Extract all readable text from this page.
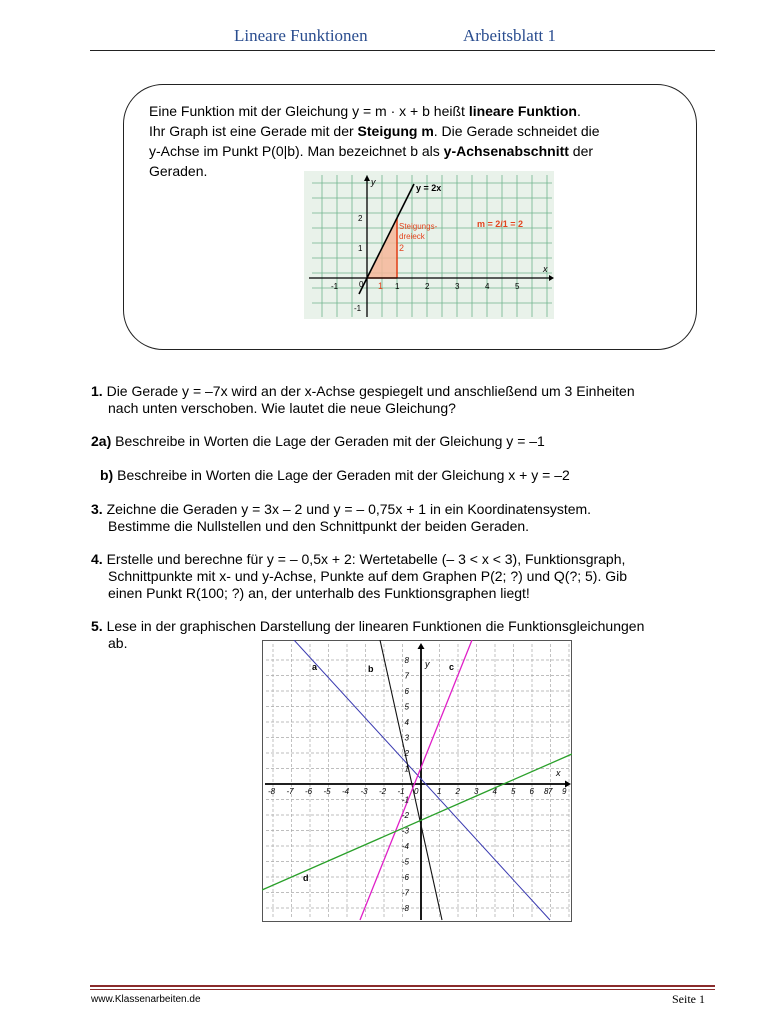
Lineare Funktionen	Arbeitsblatt 1
Eine Funktion mit der Gleichung y = m · x + b heißt lineare Funktion.
Ihr Graph ist eine Gerade mit der Steigung m. Die Gerade schneidet die
y-Achse im Punkt P(0|b). Man bezeichnet b als y-Achsenabschnitt der
Geraden.
y = 2x
Steigungs-
dreieck
2
1
m = 2/1 = 2
x
y
0
-1	1	2	3	4	5
1
2
-1
1. Die Gerade y = –7x wird an der x-Achse gespiegelt und anschließend um 3 Einheiten
nach unten verschoben. Wie lautet die neue Gleichung?
2a) Beschreibe in Worten die Lage der Geraden mit der Gleichung y = –1
b) Beschreibe in Worten die Lage der Geraden mit der Gleichung x + y = –2
3. Zeichne die Geraden y = 3x – 2 und y = – 0,75x + 1 in ein Koordinatensystem.
Bestimme die Nullstellen und den Schnittpunkt der beiden Geraden.
4. Erstelle und berechne für y = – 0,5x + 2: Wertetabelle (– 3 < x < 3), Funktionsgraph,
Schnittpunkte mit x- und y-Achse, Punkte auf dem Graphen P(2; ?) und Q(?; 5). Gib
einen Punkt R(100; ?) an, der unterhalb des Funktionsgraphen liegt!
5. Lese in der graphischen Darstellung der linearen Funktionen die Funktionsgleichungen
ab.
a	b	c
d
x
y
-8 -7 -6 -5 -4 -3 -2 -1 0 1 2 3 4 5 6 7
8 9
8
7
6
5
4
3
2
1
-1
-2
-3
-4
-5
-6
-7
-8
www.Klassenarbeiten.de	Seite 1
